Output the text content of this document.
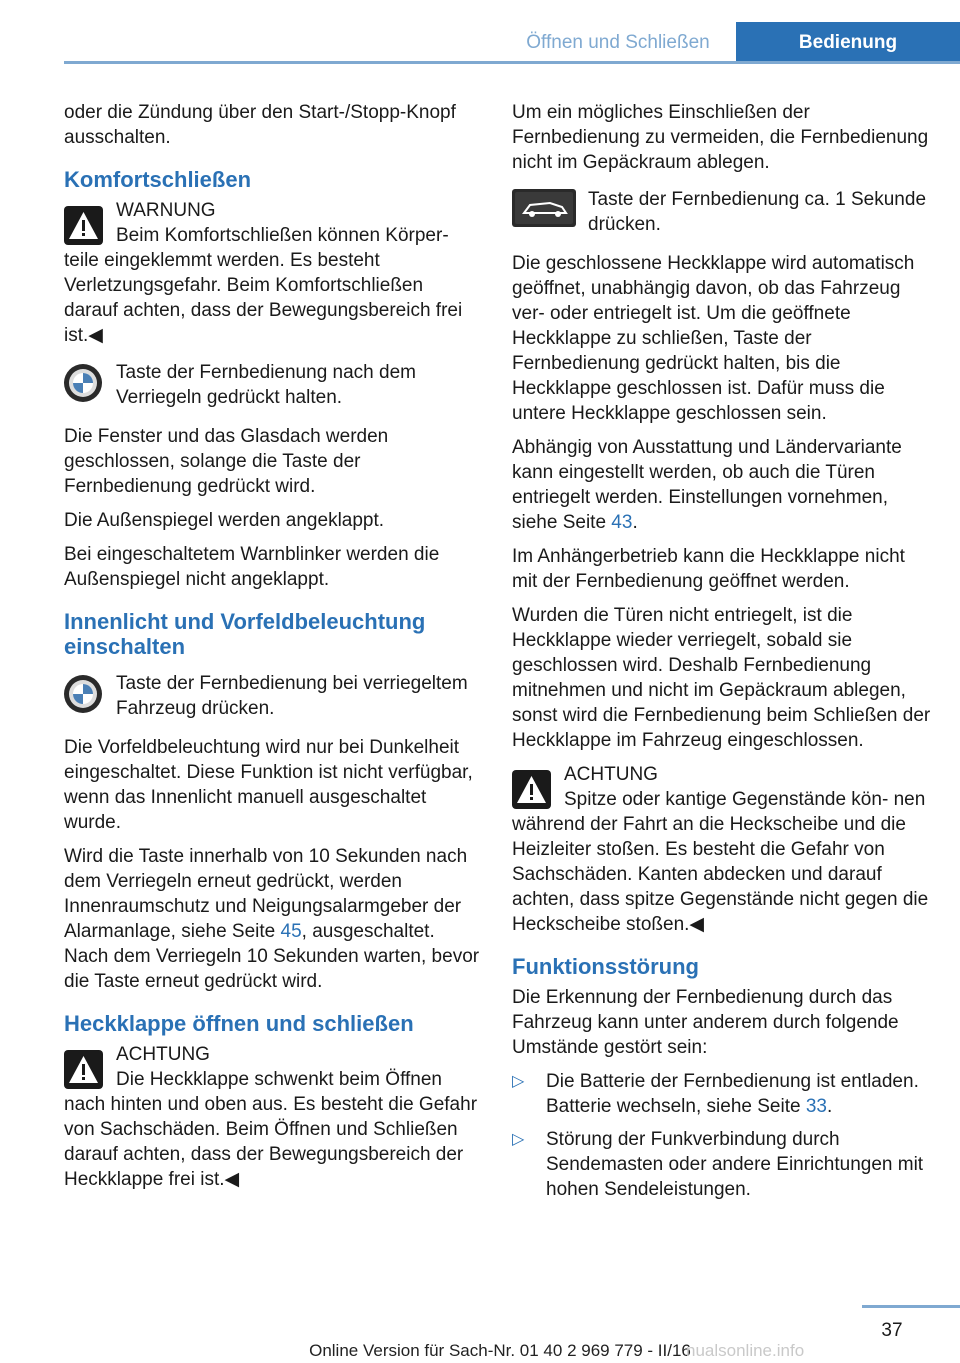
Öffnen und Schließen	Bedienung

oder die Zündung über den Start-/Stopp-Knopf ausschalten.

Komfortschließen
WARNUNG
Beim Komfortschließen können Körper- teile eingeklemmt werden. Es besteht Verletzungsgefahr. Beim Komfortschließen darauf achten, dass der Bewegungsbereich frei ist.◀
Taste der Fernbedienung nach dem Verriegeln gedrückt halten.

Die Fenster und das Glasdach werden geschlossen, solange die Taste der Fernbedienung gedrückt wird.

Die Außenspiegel werden angeklappt.

Bei eingeschaltetem Warnblinker werden die Außenspiegel nicht angeklappt.

Innenlicht und Vorfeldbeleuchtung einschalten
Taste der Fernbedienung bei verriegeltem Fahrzeug drücken.

Die Vorfeldbeleuchtung wird nur bei Dunkelheit eingeschaltet. Diese Funktion ist nicht verfügbar, wenn das Innenlicht manuell ausgeschaltet wurde.

Wird die Taste innerhalb von 10 Sekunden nach dem Verriegeln erneut gedrückt, werden Innenraumschutz und Neigungsalarmgeber der Alarmanlage, siehe Seite 45, ausgeschaltet. Nach dem Verriegeln 10 Sekunden warten, bevor die Taste erneut gedrückt wird.

Heckklappe öffnen und schließen
ACHTUNG
Die Heckklappe schwenkt beim Öffnen nach hinten und oben aus. Es besteht die Gefahr von Sachschäden. Beim Öffnen und Schließen darauf achten, dass der Bewegungsbereich der Heckklappe frei ist.◀

Um ein mögliches Einschließen der Fernbedienung zu vermeiden, die Fernbedienung nicht im Gepäckraum ablegen.

Taste der Fernbedienung ca. 1 Sekunde drücken.

Die geschlossene Heckklappe wird automatisch geöffnet, unabhängig davon, ob das Fahrzeug ver- oder entriegelt ist. Um die geöffnete Heckklappe zu schließen, Taste der Fernbedienung gedrückt halten, bis die Heckklappe geschlossen ist. Dafür muss die untere Heckklappe geschlossen sein.

Abhängig von Ausstattung und Ländervariante kann eingestellt werden, ob auch die Türen entriegelt werden. Einstellungen vornehmen, siehe Seite 43.

Im Anhängerbetrieb kann die Heckklappe nicht mit der Fernbedienung geöffnet werden.

Wurden die Türen nicht entriegelt, ist die Heckklappe wieder verriegelt, sobald sie geschlossen wird. Deshalb Fernbedienung mitnehmen und nicht im Gepäckraum ablegen, sonst wird die Fernbedienung beim Schließen der Heckklappe im Fahrzeug eingeschlossen.

ACHTUNG
Spitze oder kantige Gegenstände kön- nen während der Fahrt an die Heckscheibe und die Heizleiter stoßen. Es besteht die Gefahr von Sachschäden. Kanten abdecken und darauf achten, dass spitze Gegenstände nicht gegen die Heckscheibe stoßen.◀
Funktionsstörung

Die Erkennung der Fernbedienung durch das Fahrzeug kann unter anderem durch folgende Umstände gestört sein:

▷ Die Batterie der Fernbedienung ist entladen. Batterie wechseln, siehe Seite 33.
▷ Störung der Funkverbindung durch Sendemasten oder andere Einrichtungen mit hohen Sendeleistungen.
37
Online Version für Sach-Nr. 01 40 2 969 779 - II/16
nualsonline.info
